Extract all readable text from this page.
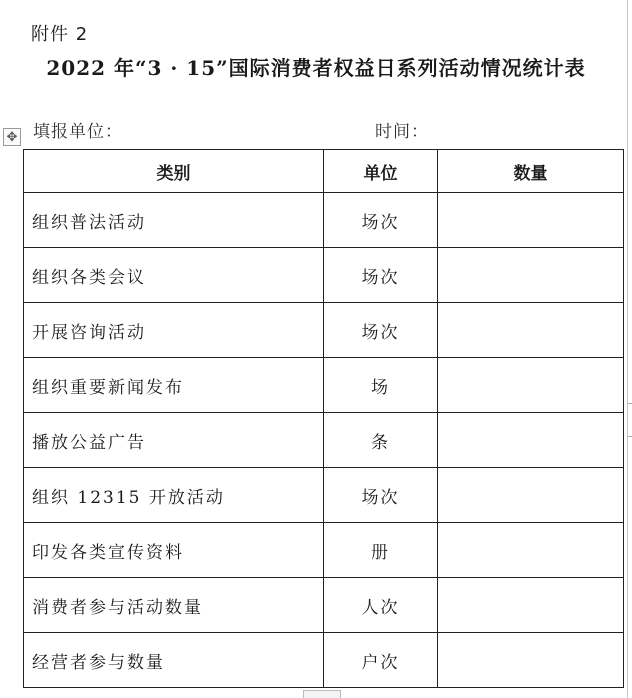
附件 2
2022 年“3 · 15”国际消费者权益日系列活动情况统计表
填报单位：	时间：
✥
类别	单位	数量
组织普法活动	场次	
组织各类会议	场次	
开展咨询活动	场次	
组织重要新闻发布	场	
播放公益广告	条	
组织 12315 开放活动	场次	
印发各类宣传资料	册	
消费者参与活动数量	人次	
经营者参与数量	户次	
